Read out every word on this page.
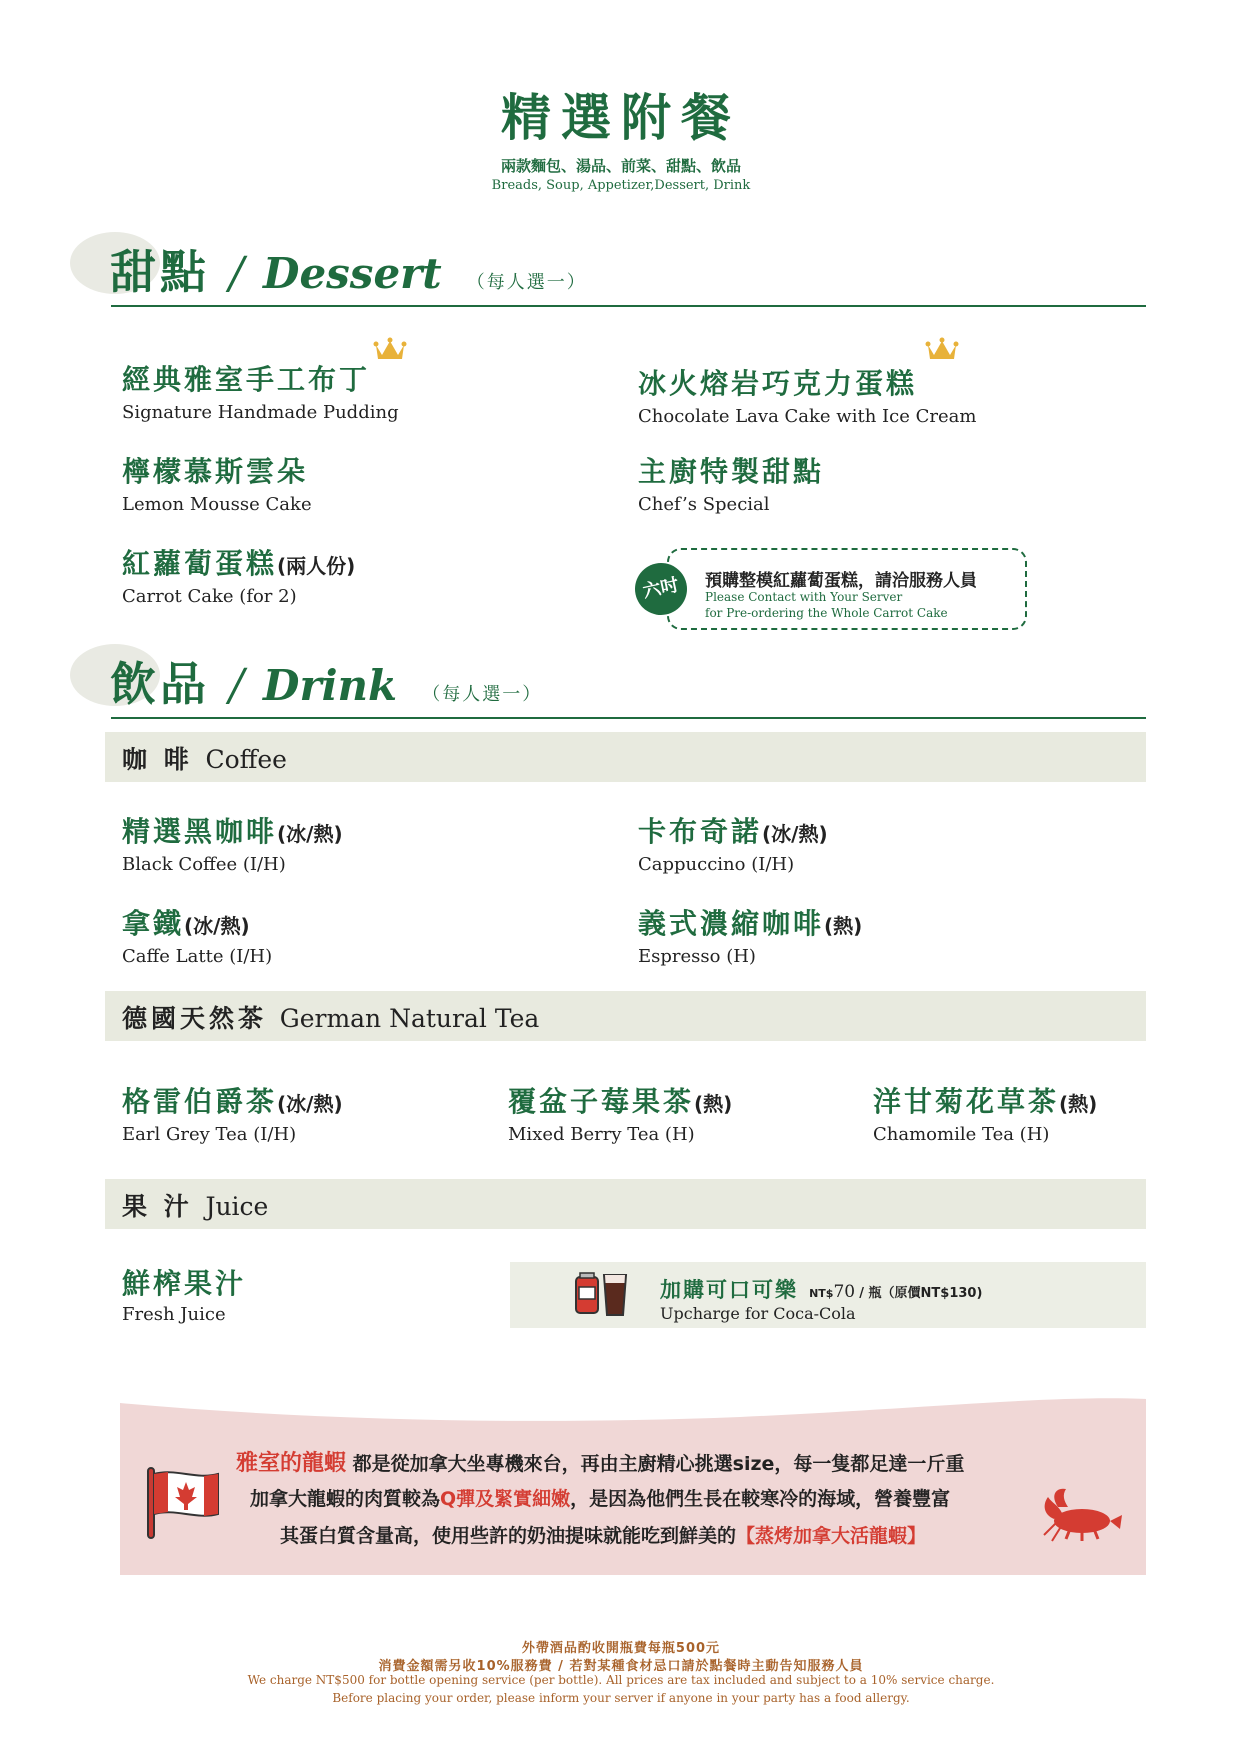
精選附餐
兩款麵包、湯品、前菜、甜點、飲品
Breads, Soup, Appetizer,Dessert, Drink
甜點 / Dessert （每人選一）
經典雅室手工布丁
Signature Handmade Pudding
冰火熔岩巧克力蛋糕
Chocolate Lava Cake with Ice Cream
檸檬慕斯雲朵
Lemon Mousse Cake
主廚特製甜點
Chef’s Special
紅蘿蔔蛋糕(兩人份)
Carrot Cake (for 2)	六吋	預購整模紅蘿蔔蛋糕，請洽服務人員
Please Contact with Your Server
for Pre-ordering the Whole Carrot Cake
飲品 / Drink （每人選一）
咖 啡 Coffee
精選黑咖啡(冰/熱)
Black Coffee (I/H)
卡布奇諾(冰/熱)
Cappuccino (I/H)
拿鐵(冰/熱)
Caffe Latte (I/H)
義式濃縮咖啡(熱)
Espresso (H)
德國天然茶 German Natural Tea
格雷伯爵茶(冰/熱)
Earl Grey Tea (I/H)
覆盆子莓果茶(熱)
Mixed Berry Tea (H)
洋甘菊花草茶(熱)
Chamomile Tea (H)
果 汁 Juice
鮮榨果汁
Fresh Juice
加購可口可樂 NT$70 / 瓶（原價NT$130)
Upcharge for Coca-Cola
雅室的龍蝦 都是從加拿大坐專機來台，再由主廚精心挑選size，每一隻都足達一斤重
加拿大龍蝦的肉質較為Q彈及緊實細嫩，是因為他們生長在較寒冷的海域，營養豐富
其蛋白質含量高，使用些許的奶油提味就能吃到鮮美的【蒸烤加拿大活龍蝦】
外帶酒品酌收開瓶費每瓶500元
消費金額需另收10%服務費 / 若對某種食材忌口請於點餐時主動告知服務人員
We charge NT$500 for bottle opening service (per bottle). All prices are tax included and subject to a 10% service charge.
Before placing your order, please inform your server if anyone in your party has a food allergy.
